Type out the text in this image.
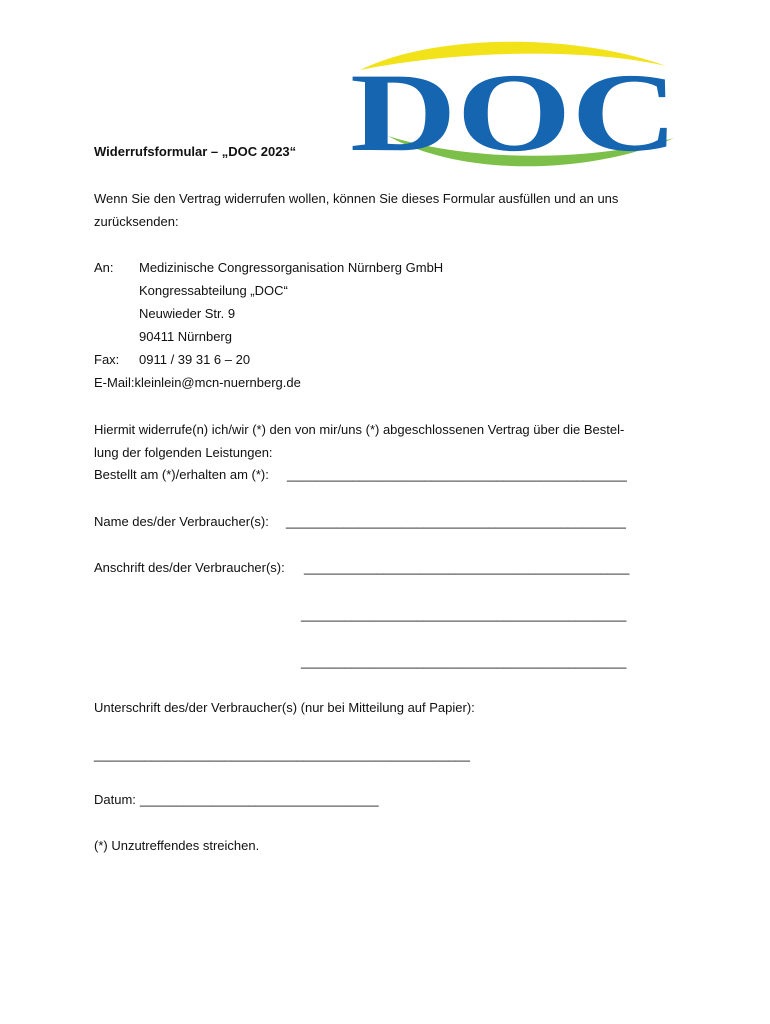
DOC
Widerrufsformular – „DOC 2023“
Wenn Sie den Vertrag widerrufen wollen, können Sie dieses Formular ausfüllen und an uns
zurücksenden:
An: Medizinische Congressorganisation Nürnberg GmbH
Kongressabteilung „DOC“
Neuwieder Str. 9
90411 Nürnberg
Fax: 0911 / 39 31 6 – 20
E-Mail:kleinlein@mcn-nuernberg.de
Hiermit widerrufe(n) ich/wir (*) den von mir/uns (*) abgeschlossenen Vertrag über die Bestel-
lung der folgenden Leistungen:
Bestellt am (*)/erhalten am (*): _______________________________________________
Name des/der Verbraucher(s): _______________________________________________
Anschrift des/der Verbraucher(s): _____________________________________________
_____________________________________________
_____________________________________________
Unterschrift des/der Verbraucher(s) (nur bei Mitteilung auf Papier):
____________________________________________________
Datum: _________________________________
(*) Unzutreffendes streichen.
